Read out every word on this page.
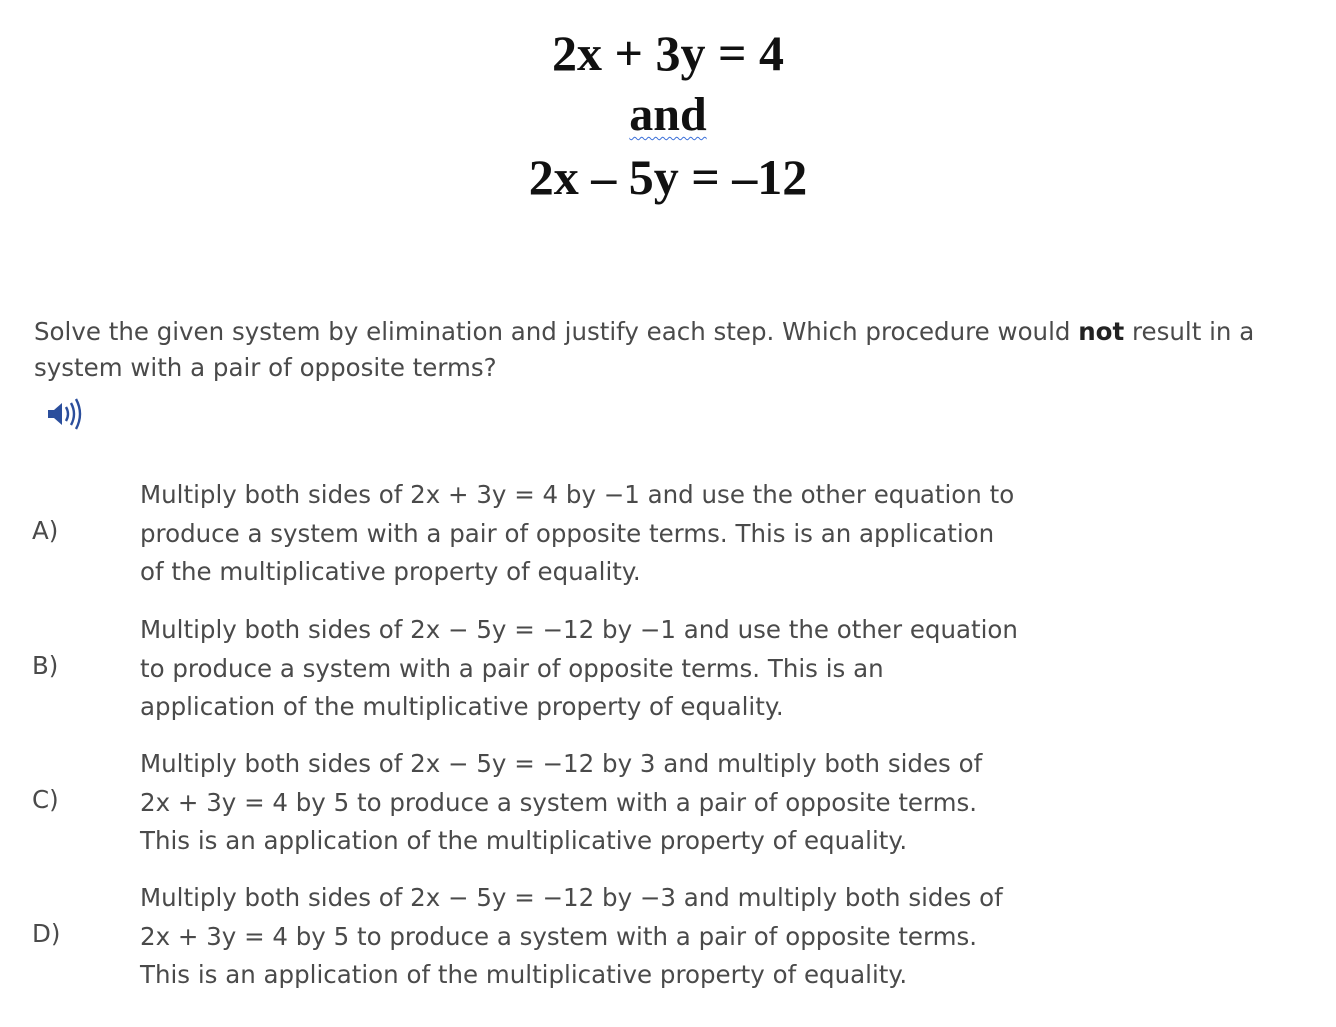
2x + 3y = 4
and
2x – 5y = –12
Solve the given system by elimination and justify each step. Which procedure would not result in a system with a pair of opposite terms?
A)
Multiply both sides of 2x + 3y = 4 by −1 and use the other equation to
produce a system with a pair of opposite terms. This is an application
of the multiplicative property of equality.
B)
Multiply both sides of 2x − 5y = −12 by −1 and use the other equation
to produce a system with a pair of opposite terms. This is an
application of the multiplicative property of equality.
C)
Multiply both sides of 2x − 5y = −12 by 3 and multiply both sides of
2x + 3y = 4 by 5 to produce a system with a pair of opposite terms.
This is an application of the multiplicative property of equality.
D)
Multiply both sides of 2x − 5y = −12 by −3 and multiply both sides of
2x + 3y = 4 by 5 to produce a system with a pair of opposite terms.
This is an application of the multiplicative property of equality.
